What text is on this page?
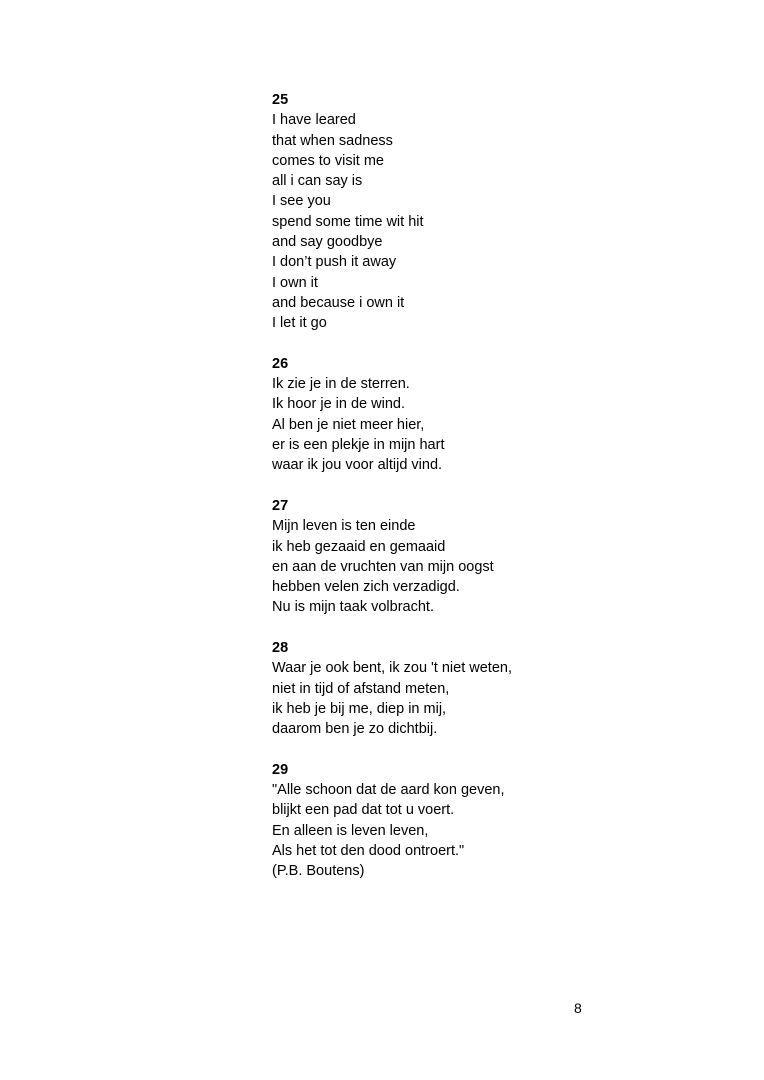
25
I have leared
that when sadness
comes to visit me
all i can say is
I see you
spend some time wit hit
and say goodbye
I don’t push it away
I own it
and because i own it
I let it go
26
Ik zie je in de sterren.
Ik hoor je in de wind.
Al ben je niet meer hier,
er is een plekje in mijn hart
waar ik jou voor altijd vind.
27
Mijn leven is ten einde
ik heb gezaaid en gemaaid
en aan de vruchten van mijn oogst
hebben velen zich verzadigd.
Nu is mijn taak volbracht.
28
Waar je ook bent, ik zou 't niet weten,
niet in tijd of afstand meten,
ik heb je bij me, diep in mij,
daarom ben je zo dichtbij.
29
"Alle schoon dat de aard kon geven,
blijkt een pad dat tot u voert.
En alleen is leven leven,
Als het tot den dood ontroert."
(P.B. Boutens)
8
